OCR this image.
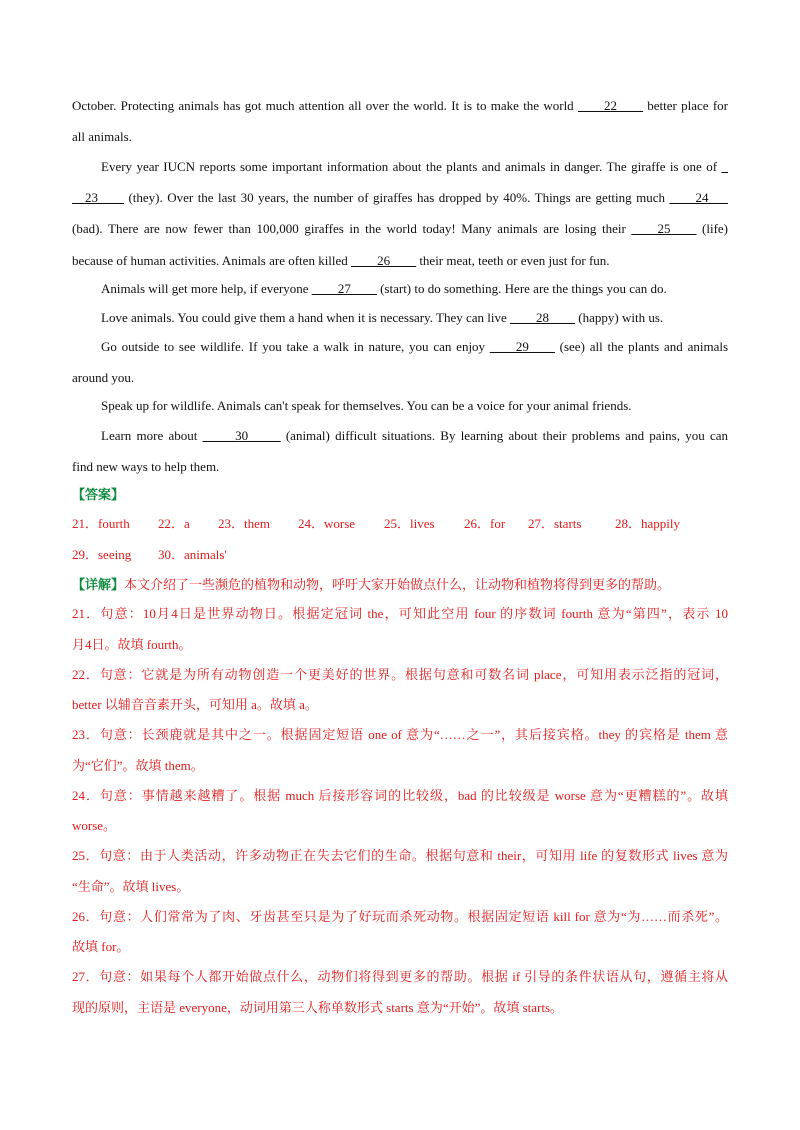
October. Protecting animals has got much attention all over the world. It is to make the world ____22____ better place for
all animals.
Every year IUCN reports some important information about the plants and animals in danger. The giraffe is one of _
__23____ (they). Over the last 30 years, the number of giraffes has dropped by 40%. Things are getting much ____24___
(bad). There are now fewer than 100,000 giraffes in the world today! Many animals are losing their ____25____ (life)
because of human activities. Animals are often killed ____26____ their meat, teeth or even just for fun.
Animals will get more help, if everyone ____27____ (start) to do something. Here are the things you can do.
Love animals. You could give them a hand when it is necessary. They can live ____28____ (happy) with us.
Go outside to see wildlife. If you take a walk in nature, you can enjoy ____29____ (see) all the plants and animals
around you.
Speak up for wildlife. Animals can't speak for themselves. You can be a voice for your animal friends.
Learn more about _____30_____ (animal) difficult situations. By learning about their problems and pains, you can
find new ways to help them.
【答案】
21．fourth 22．a 23．them 24．worse 25．lives 26．for 27．starts	28．happily
29．seeing 30．animals'
【详解】本文介绍了一些濒危的植物和动物，呼吁大家开始做点什么，让动物和植物将得到更多的帮助。
21．句意：10月4日是世界动物日。根据定冠词 the，可知此空用 four 的序数词 fourth 意为“第四”，表示 10
月4日。故填 fourth。
22．句意：它就是为所有动物创造一个更美好的世界。根据句意和可数名词 place，可知用表示泛指的冠词，
better 以辅音音素开头，可知用 a。故填 a。
23．句意：长颈鹿就是其中之一。根据固定短语 one of 意为“……之一”，其后接宾格。they 的宾格是 them 意
为“它们”。故填 them。
24．句意：事情越来越糟了。根据 much 后接形容词的比较级，bad 的比较级是 worse 意为“更糟糕的”。故填
worse。
25．句意：由于人类活动，许多动物正在失去它们的生命。根据句意和 their，可知用 life 的复数形式 lives 意为
“生命”。故填 lives。
26．句意：人们常常为了肉、牙齿甚至只是为了好玩而杀死动物。根据固定短语 kill for 意为“为……而杀死”。
故填 for。
27．句意：如果每个人都开始做点什么，动物们将得到更多的帮助。根据 if 引导的条件状语从句，遵循主将从
现的原则，主语是 everyone，动词用第三人称单数形式 starts 意为“开始”。故填 starts。
